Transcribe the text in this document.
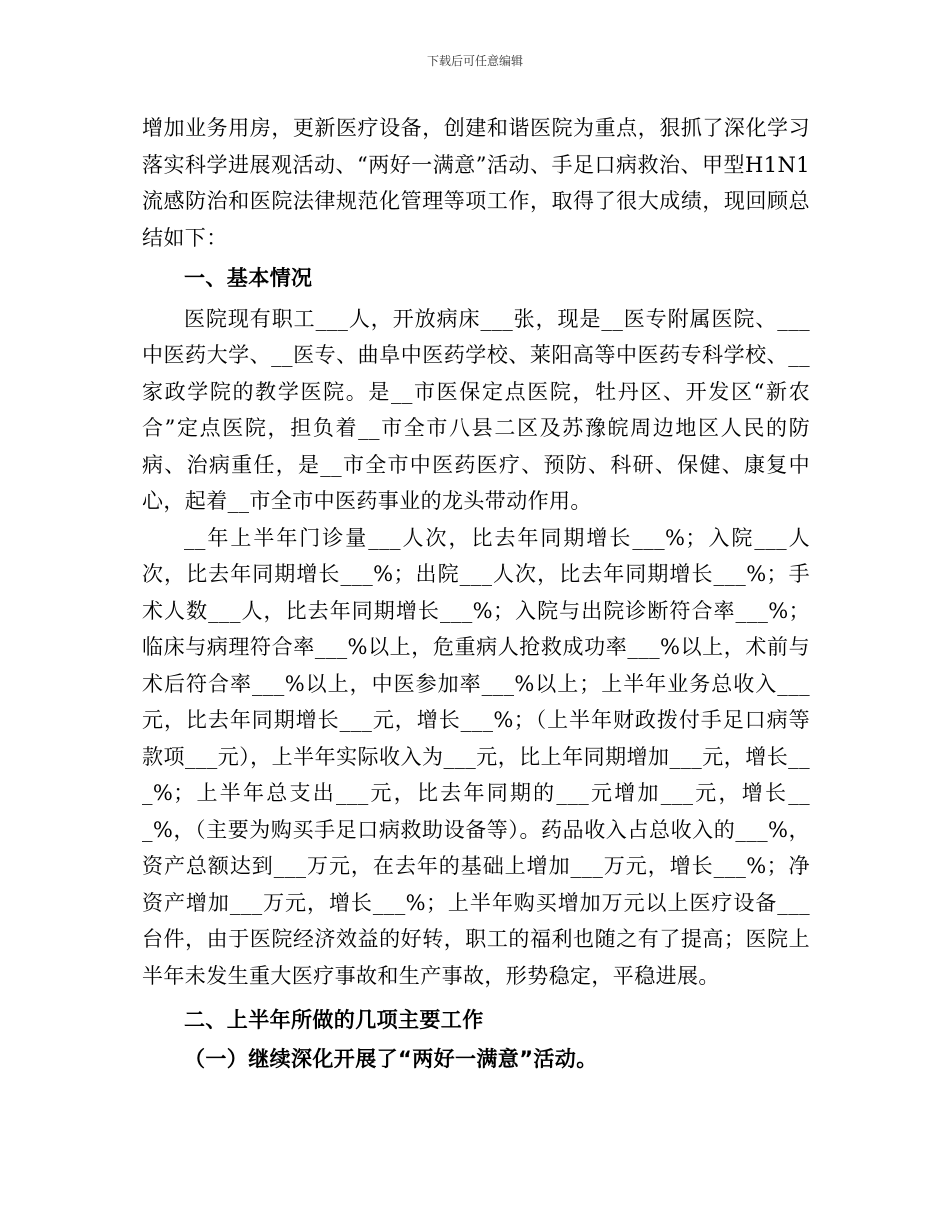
下载后可任意编辑

增加业务用房，更新医疗设备，创建和谐医院为重点，狠抓了深化学习落实科学进展观活动、“两好一满意”活动、手足口病救治、甲型H1N1流感防治和医院法律规范化管理等项工作，取得了很大成绩，现回顾总结如下：

一、基本情况

医院现有职工___人，开放病床___张，现是__医专附属医院、___中医药大学、__医专、曲阜中医药学校、莱阳高等中医药专科学校、__家政学院的教学医院。是__市医保定点医院，牡丹区、开发区“新农合”定点医院，担负着__市全市八县二区及苏豫皖周边地区人民的防病、治病重任，是__市全市中医药医疗、预防、科研、保健、康复中心，起着__市全市中医药事业的龙头带动作用。

__年上半年门诊量___人次，比去年同期增长___%；入院___人次，比去年同期增长___%；出院___人次，比去年同期增长___%；手术人数___人，比去年同期增长___%；入院与出院诊断符合率___%；临床与病理符合率___%以上，危重病人抢救成功率___%以上，术前与术后符合率___%以上，中医参加率___%以上；上半年业务总收入___元，比去年同期增长___元，增长___%；（上半年财政拨付手足口病等款项___元），上半年实际收入为___元，比上年同期增加___元，增长___%；上半年总支出___元，比去年同期的___元增加___元，增长___%，（主要为购买手足口病救助设备等）。药品收入占总收入的___%，资产总额达到___万元，在去年的基础上增加___万元，增长___%；净资产增加___万元，增长___%；上半年购买增加万元以上医疗设备___台件，由于医院经济效益的好转，职工的福利也随之有了提高；医院上半年未发生重大医疗事故和生产事故，形势稳定，平稳进展。

二、上半年所做的几项主要工作

（一）继续深化开展了“两好一满意”活动。
